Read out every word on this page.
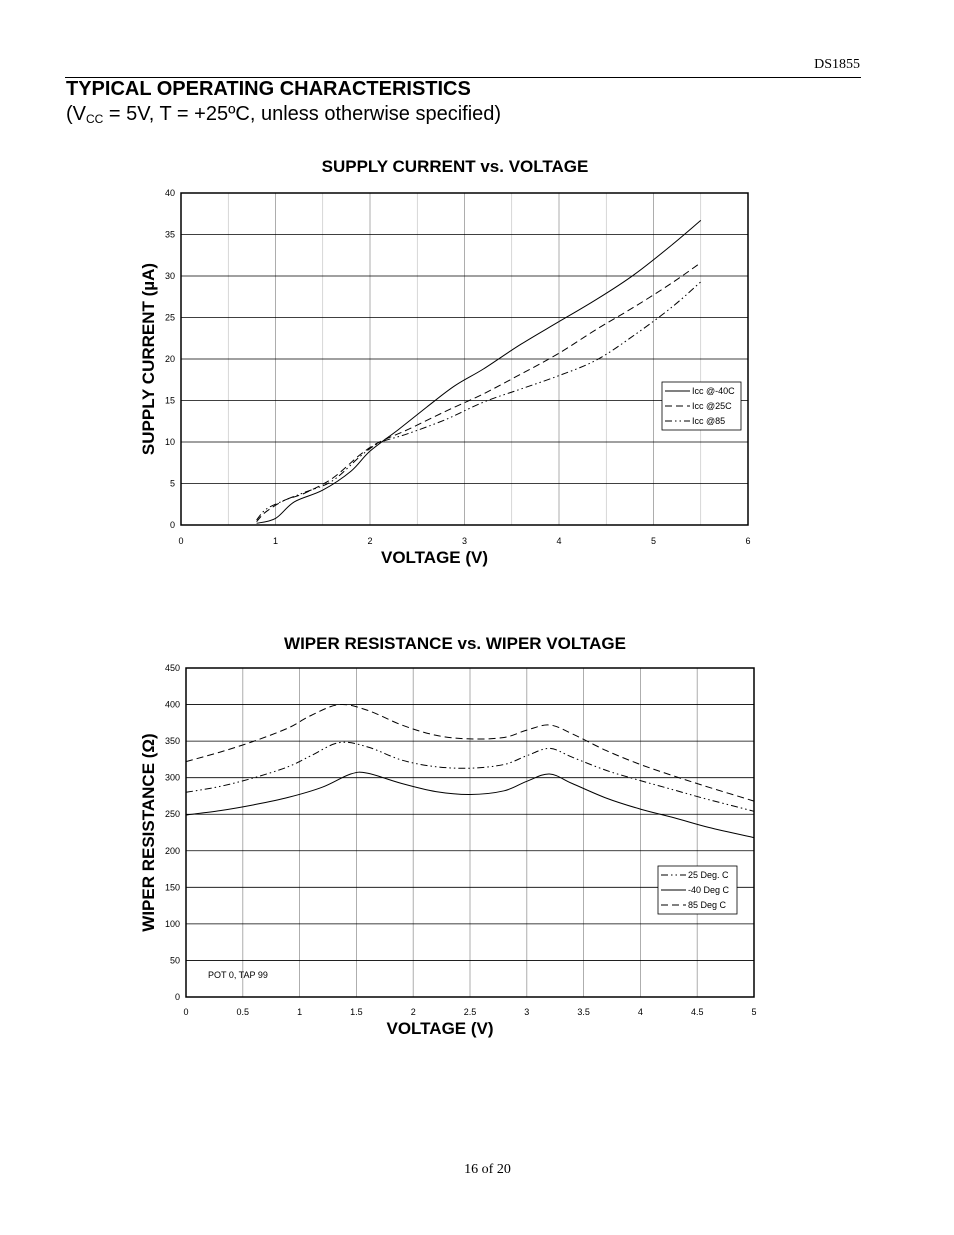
DS1855
TYPICAL OPERATING CHARACTERISTICS
($V_{CC} = 5V$, T = +25ºC, unless otherwise specified)
SUPPLY CURRENT vs. VOLTAGE
0	1	2	3	4	5	6
0
5
10
15
20
25
30
35
40
Icc @-40C
Icc @25C
Icc @85
VOLTAGE (V)
SUPPLY CURRENT (µA)
WIPER RESISTANCE vs. WIPER VOLTAGE
0	0.5	1	1.5	2	2.5	3	3.5	4	4.5	5
0
50
100
150
200
250
300
350
400
450
25 Deg. C
-40 Deg C
85 Deg C
POT 0, TAP 99
VOLTAGE (V)
WIPER RESISTANCE (Ω)
16 of 20
